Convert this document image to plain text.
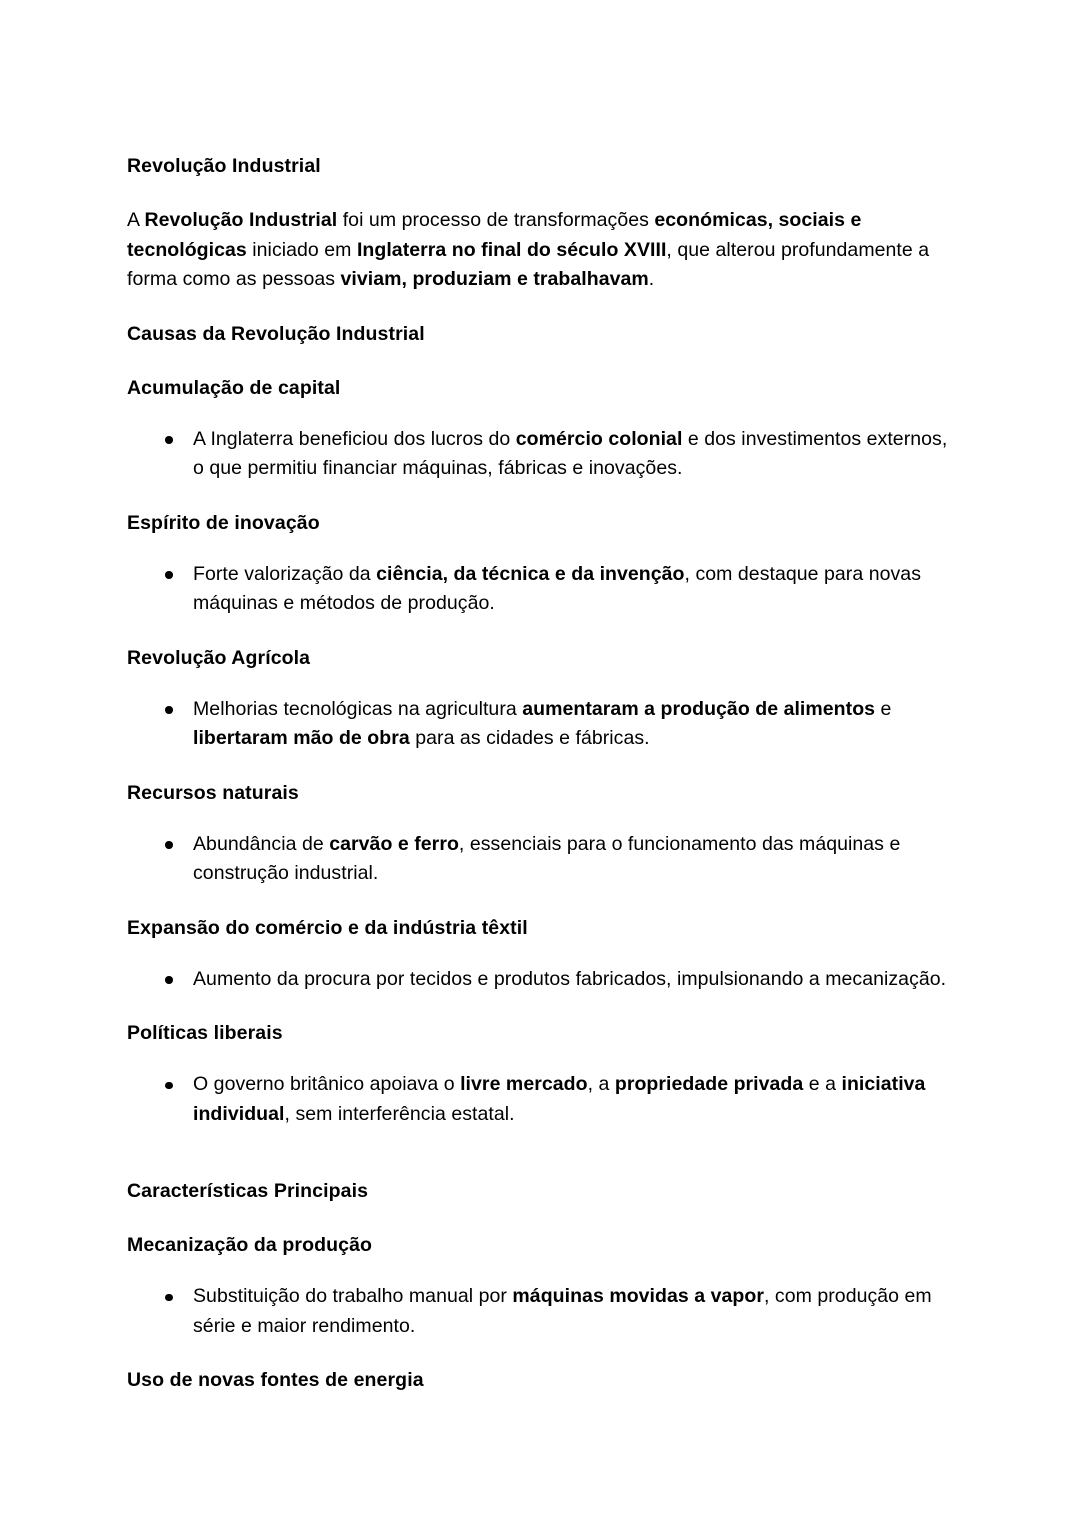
Revolução Industrial

A Revolução Industrial foi um processo de transformações económicas, sociais e tecnológicas iniciado em Inglaterra no final do século XVIII, que alterou profundamente a forma como as pessoas viviam, produziam e trabalhavam.

Causas da Revolução Industrial
Acumulação de capital
A Inglaterra beneficiou dos lucros do comércio colonial e dos investimentos externos, o que permitiu financiar máquinas, fábricas e inovações.
Espírito de inovação
Forte valorização da ciência, da técnica e da invenção, com destaque para novas máquinas e métodos de produção.
Revolução Agrícola
Melhorias tecnológicas na agricultura aumentaram a produção de alimentos e libertaram mão de obra para as cidades e fábricas.
Recursos naturais
Abundância de carvão e ferro, essenciais para o funcionamento das máquinas e construção industrial.
Expansão do comércio e da indústria têxtil
Aumento da procura por tecidos e produtos fabricados, impulsionando a mecanização.
Políticas liberais
O governo britânico apoiava o livre mercado, a propriedade privada e a iniciativa individual, sem interferência estatal.
Características Principais
Mecanização da produção
Substituição do trabalho manual por máquinas movidas a vapor, com produção em série e maior rendimento.
Uso de novas fontes de energia
